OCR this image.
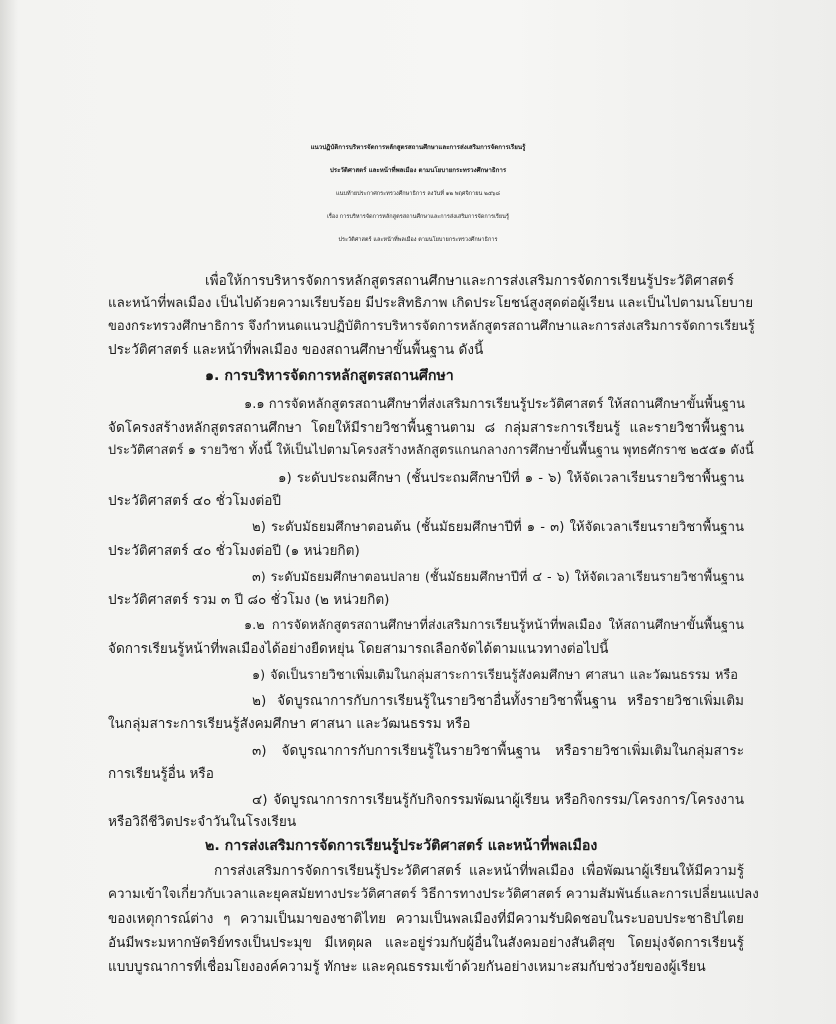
แนวปฏิบัติการบริหารจัดการหลักสูตรสถานศึกษาและการส่งเสริมการจัดการเรียนรู้
ประวัติศาสตร์ และหน้าที่พลเมือง ตามนโยบายกระทรวงศึกษาธิการ
แนบท้ายประกาศกระทรวงศึกษาธิการ ลงวันที่ ๑๒ พฤศจิกายน ๒๕๖๘
เรื่อง การบริหารจัดการหลักสูตรสถานศึกษาและการส่งเสริมการจัดการเรียนรู้
ประวัติศาสตร์ และหน้าที่พลเมือง ตามนโยบายกระทรวงศึกษาธิการ
เพื่อให้การบริหารจัดการหลักสูตรสถานศึกษาและการส่งเสริมการจัดการเรียนรู้ประวัติศาสตร์
และหน้าที่พลเมือง เป็นไปด้วยความเรียบร้อย มีประสิทธิภาพ เกิดประโยชน์สูงสุดต่อผู้เรียน และเป็นไปตามนโยบาย
ของกระทรวงศึกษาธิการ จึงกำหนดแนวปฏิบัติการบริหารจัดการหลักสูตรสถานศึกษาและการส่งเสริมการจัดการเรียนรู้
ประวัติศาสตร์ และหน้าที่พลเมือง ของสถานศึกษาขั้นพื้นฐาน ดังนี้
๑. การบริหารจัดการหลักสูตรสถานศึกษา
๑.๑ การจัดหลักสูตรสถานศึกษาที่ส่งเสริมการเรียนรู้ประวัติศาสตร์ ให้สถานศึกษาขั้นพื้นฐาน
จัดโครงสร้างหลักสูตรสถานศึกษา โดยให้มีรายวิชาพื้นฐานตาม ๘ กลุ่มสาระการเรียนรู้ และรายวิชาพื้นฐาน
ประวัติศาสตร์ ๑ รายวิชา ทั้งนี้ ให้เป็นไปตามโครงสร้างหลักสูตรแกนกลางการศึกษาขั้นพื้นฐาน พุทธศักราช ๒๕๕๑ ดังนี้
๑) ระดับประถมศึกษา (ชั้นประถมศึกษาปีที่ ๑ - ๖) ให้จัดเวลาเรียนรายวิชาพื้นฐาน
ประวัติศาสตร์ ๔๐ ชั่วโมงต่อปี
๒) ระดับมัธยมศึกษาตอนต้น (ชั้นมัธยมศึกษาปีที่ ๑ - ๓) ให้จัดเวลาเรียนรายวิชาพื้นฐาน
ประวัติศาสตร์ ๔๐ ชั่วโมงต่อปี (๑ หน่วยกิต)
๓) ระดับมัธยมศึกษาตอนปลาย (ชั้นมัธยมศึกษาปีที่ ๔ - ๖) ให้จัดเวลาเรียนรายวิชาพื้นฐาน
ประวัติศาสตร์ รวม ๓ ปี ๘๐ ชั่วโมง (๒ หน่วยกิต)
๑.๒ การจัดหลักสูตรสถานศึกษาที่ส่งเสริมการเรียนรู้หน้าที่พลเมือง ให้สถานศึกษาขั้นพื้นฐาน
จัดการเรียนรู้หน้าที่พลเมืองได้อย่างยืดหยุ่น โดยสามารถเลือกจัดได้ตามแนวทางต่อไปนี้
๑) จัดเป็นรายวิชาเพิ่มเติมในกลุ่มสาระการเรียนรู้สังคมศึกษา ศาสนา และวัฒนธรรม หรือ
๒) จัดบูรณาการกับการเรียนรู้ในรายวิชาอื่นทั้งรายวิชาพื้นฐาน หรือรายวิชาเพิ่มเติม
ในกลุ่มสาระการเรียนรู้สังคมศึกษา ศาสนา และวัฒนธรรม หรือ
๓) จัดบูรณาการกับการเรียนรู้ในรายวิชาพื้นฐาน หรือรายวิชาเพิ่มเติมในกลุ่มสาระ
การเรียนรู้อื่น หรือ
๔) จัดบูรณาการการเรียนรู้กับกิจกรรมพัฒนาผู้เรียน หรือกิจกรรม/โครงการ/โครงงาน
หรือวิถีชีวิตประจำวันในโรงเรียน
๒. การส่งเสริมการจัดการเรียนรู้ประวัติศาสตร์ และหน้าที่พลเมือง
การส่งเสริมการจัดการเรียนรู้ประวัติศาสตร์ และหน้าที่พลเมือง เพื่อพัฒนาผู้เรียนให้มีความรู้
ความเข้าใจเกี่ยวกับเวลาและยุคสมัยทางประวัติศาสตร์ วิธีการทางประวัติศาสตร์ ความสัมพันธ์และการเปลี่ยนแปลง
ของเหตุการณ์ต่าง ๆ ความเป็นมาของชาติไทย ความเป็นพลเมืองที่มีความรับผิดชอบในระบอบประชาธิปไตย
อันมีพระมหากษัตริย์ทรงเป็นประมุข มีเหตุผล และอยู่ร่วมกับผู้อื่นในสังคมอย่างสันติสุข โดยมุ่งจัดการเรียนรู้
แบบบูรณาการที่เชื่อมโยงองค์ความรู้ ทักษะ และคุณธรรมเข้าด้วยกันอย่างเหมาะสมกับช่วงวัยของผู้เรียน
